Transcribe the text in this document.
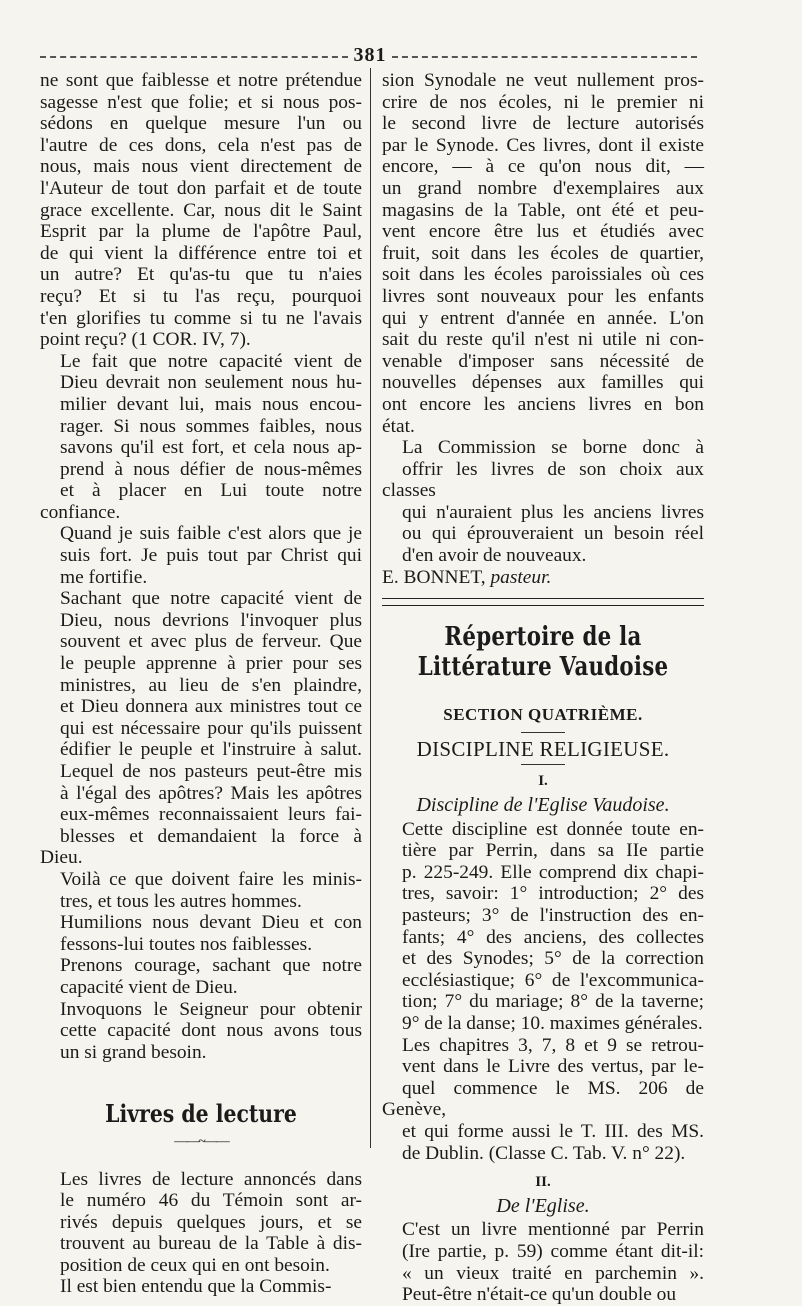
381

ne sont que faiblesse et notre prétendue
sagesse n'est que folie; et si nous pos-
sédons en quelque mesure l'un ou
l'autre de ces dons, cela n'est pas de
nous, mais nous vient directement de
l'Auteur de tout don parfait et de toute
grace excellente. Car, nous dit le Saint
Esprit par la plume de l'apôtre Paul,
de qui vient la différence entre toi et
un autre? Et qu'as-tu que tu n'aies
reçu? Et si tu l'as reçu, pourquoi
t'en glorifies tu comme si tu ne l'avais
point reçu? (1 COR. IV, 7).

Le fait que notre capacité vient de
Dieu devrait non seulement nous hu-
milier devant lui, mais nous encou-
rager. Si nous sommes faibles, nous
savons qu'il est fort, et cela nous ap-
prend à nous défier de nous-mêmes
et à placer en Lui toute notre confiance.
Quand je suis faible c'est alors que je
suis fort. Je puis tout par Christ qui
me fortifie.

Sachant que notre capacité vient de
Dieu, nous devrions l'invoquer plus
souvent et avec plus de ferveur. Que
le peuple apprenne à prier pour ses
ministres, au lieu de s'en plaindre,
et Dieu donnera aux ministres tout ce
qui est nécessaire pour qu'ils puissent
édifier le peuple et l'instruire à salut.
Lequel de nos pasteurs peut-être mis
à l'égal des apôtres? Mais les apôtres
eux-mêmes reconnaissaient leurs fai-
blesses et demandaient la force à Dieu.
Voilà ce que doivent faire les minis-
tres, et tous les autres hommes.

Humilions nous devant Dieu et con
fessons-lui toutes nos faiblesses.

Prenons courage, sachant que notre
capacité vient de Dieu.

Invoquons le Seigneur pour obtenir
cette capacité dont nous avons tous
un si grand besoin.

Livres de lecture
——~——

Les livres de lecture annoncés dans
le numéro 46 du Témoin sont ar-
rivés depuis quelques jours, et se
trouvent au bureau de la Table à dis-
position de ceux qui en ont besoin.

Il est bien entendu que la Commis-

sion Synodale ne veut nullement pros-
crire de nos écoles, ni le premier ni
le second livre de lecture autorisés
par le Synode. Ces livres, dont il existe
encore, — à ce qu'on nous dit, —
un grand nombre d'exemplaires aux
magasins de la Table, ont été et peu-
vent encore être lus et étudiés avec
fruit, soit dans les écoles de quartier,
soit dans les écoles paroissiales où ces
livres sont nouveaux pour les enfants
qui y entrent d'année en année. L'on
sait du reste qu'il n'est ni utile ni con-
venable d'imposer sans nécessité de
nouvelles dépenses aux familles qui
ont encore les anciens livres en bon
état.

La Commission se borne donc à
offrir les livres de son choix aux classes
qui n'auraient plus les anciens livres
ou qui éprouveraient un besoin réel
d'en avoir de nouveaux.

E. BONNET, pasteur.

Répertoire de la Littérature Vaudoise
SECTION QUATRIÈME.
DISCIPLINE RELIGIEUSE.
I.
Discipline de l'Eglise Vaudoise.

Cette discipline est donnée toute en-
tière par Perrin, dans sa IIe partie
p. 225-249. Elle comprend dix chapi-
tres, savoir: 1° introduction; 2° des
pasteurs; 3° de l'instruction des en-
fants; 4° des anciens, des collectes
et des Synodes; 5° de la correction
ecclésiastique; 6° de l'excommunica-
tion; 7° du mariage; 8° de la taverne;
9° de la danse; 10. maximes générales.

Les chapitres 3, 7, 8 et 9 se retrou-
vent dans le Livre des vertus, par le-
quel commence le MS. 206 de Genève,
et qui forme aussi le T. III. des MS.
de Dublin. (Classe C. Tab. V. n° 22).

II.
De l'Eglise.

C'est un livre mentionné par Perrin
(Ire partie, p. 59) comme étant dit-il:
« un vieux traité en parchemin ».
Peut-être n'était-ce qu'un double ou
